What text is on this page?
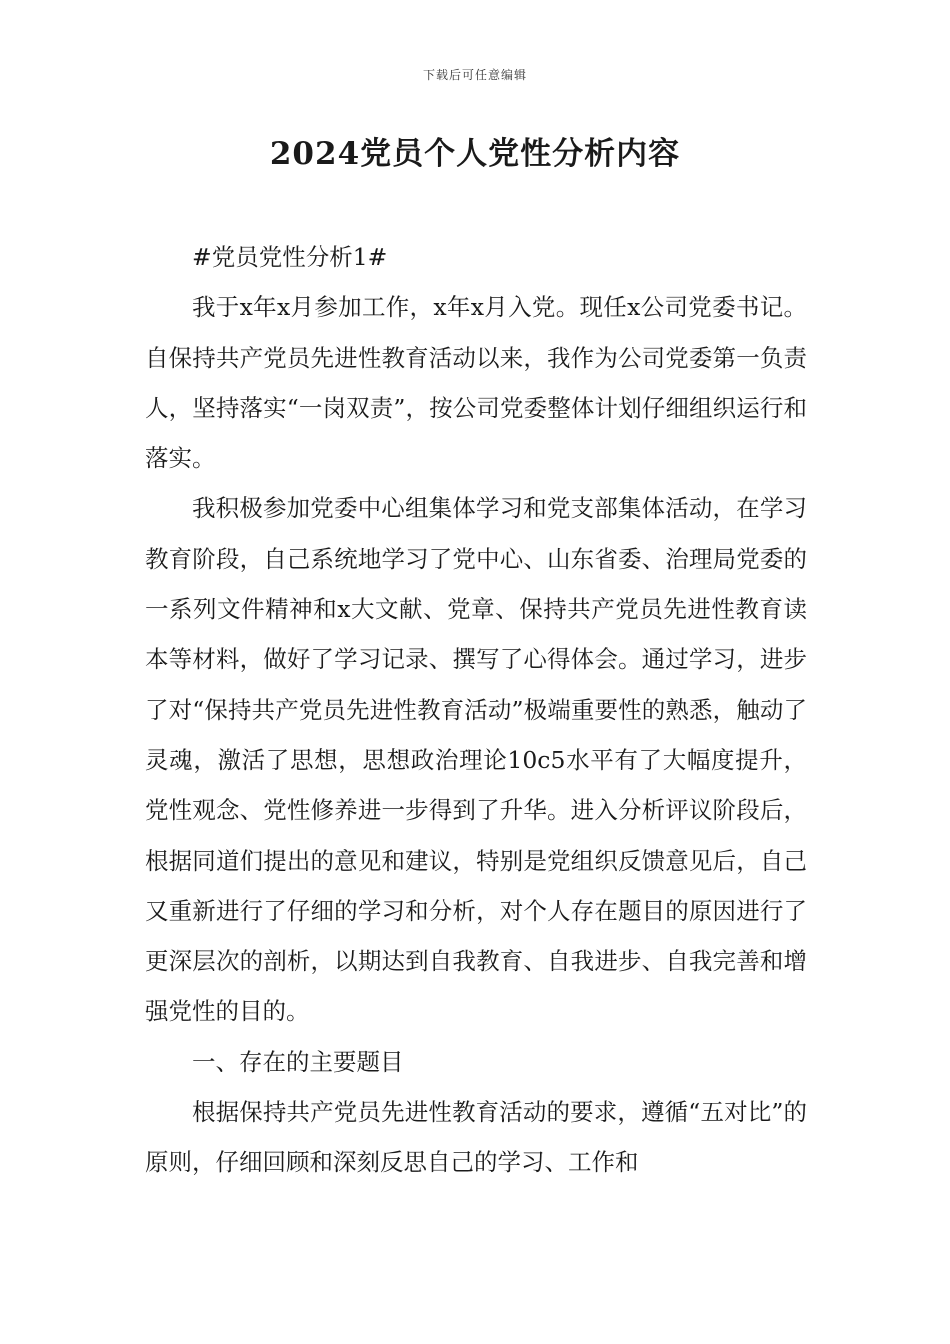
下载后可任意编辑
2024党员个人党性分析内容

#党员党性分析1#

我于x年x月参加工作，x年x月入党。现任x公司党委书记。自保持共产党员先进性教育活动以来，我作为公司党委第一负责人，坚持落实“一岗双责”，按公司党委整体计划仔细组织运行和落实。

我积极参加党委中心组集体学习和党支部集体活动，在学习教育阶段，自己系统地学习了党中心、山东省委、治理局党委的一系列文件精神和x大文献、党章、保持共产党员先进性教育读本等材料，做好了学习记录、撰写了心得体会。通过学习，进步了对“保持共产党员先进性教育活动”极端重要性的熟悉，触动了灵魂，激活了思想，思想政治理论10c5水平有了大幅度提升，党性观念、党性修养进一步得到了升华。进入分析评议阶段后，根据同道们提出的意见和建议，特别是党组织反馈意见后，自己又重新进行了仔细的学习和分析，对个人存在题目的原因进行了更深层次的剖析，以期达到自我教育、自我进步、自我完善和增强党性的目的。

一、存在的主要题目

根据保持共产党员先进性教育活动的要求，遵循“五对比”的原则，仔细回顾和深刻反思自己的学习、工作和
